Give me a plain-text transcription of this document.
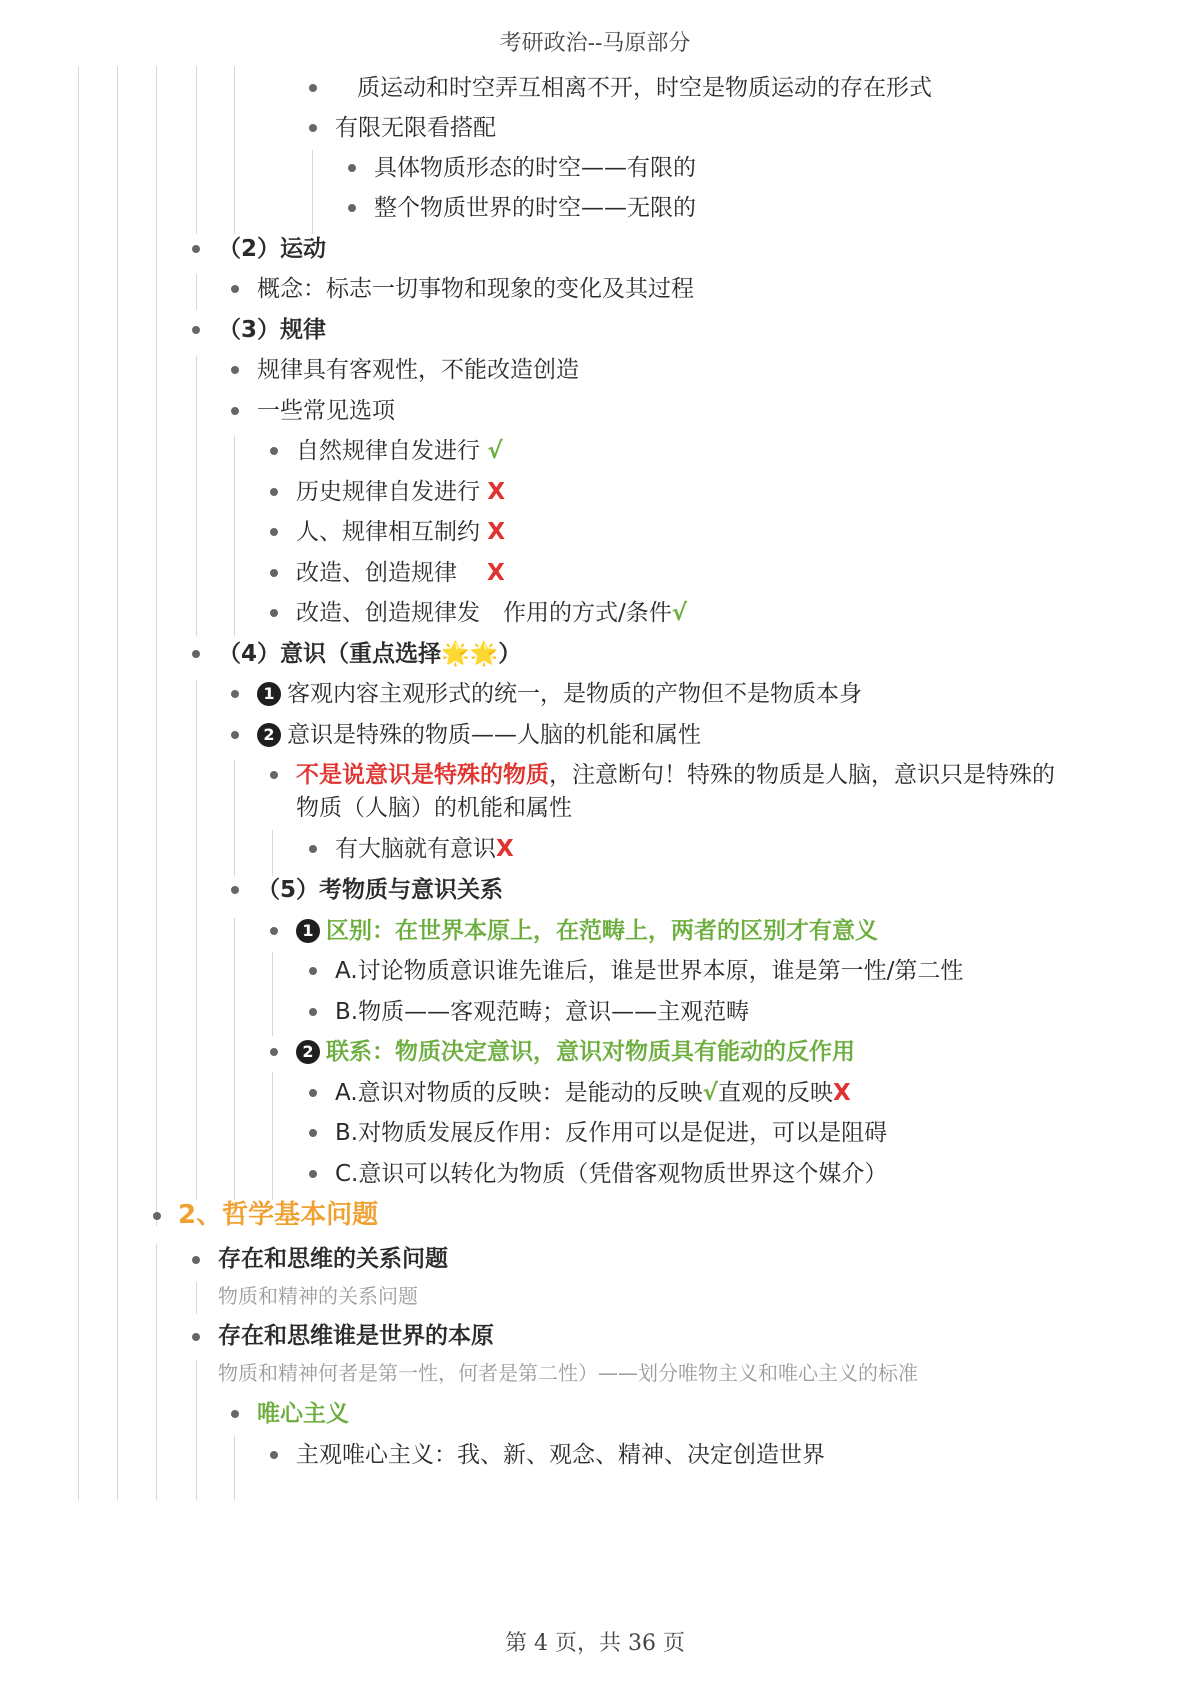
考研政治--马原部分
质运动和时空弄互相离不开，时空是物质运动的存在形式
有限无限看搭配
具体物质形态的时空——有限的
整个物质世界的时空——无限的
（2）运动
概念：标志一切事物和现象的变化及其过程
（3）规律
规律具有客观性，不能改造创造
一些常见选项
自然规律自发进行 √
历史规律自发进行 X
人、规律相互制约 X
改造、创造规律 X
改造、创造规律发　作用的方式/条件√
（4）意识（重点选择🌟🌟）
1 客观内容主观形式的统一，是物质的产物但不是物质本身
2 意识是特殊的物质——人脑的机能和属性
不是说意识是特殊的物质，注意断句！特殊的物质是人脑，意识只是特殊的
物质（人脑）的机能和属性
有大脑就有意识X
（5）考物质与意识关系
1 区别：在世界本原上，在范畴上，两者的区别才有意义
A.讨论物质意识谁先谁后，谁是世界本原，谁是第一性/第二性
B.物质——客观范畴；意识——主观范畴
2 联系：物质决定意识，意识对物质具有能动的反作用
A.意识对物质的反映：是能动的反映√直观的反映X
B.对物质发展反作用：反作用可以是促进，可以是阻碍
C.意识可以转化为物质（凭借客观物质世界这个媒介）
2、哲学基本问题
存在和思维的关系问题
物质和精神的关系问题
存在和思维谁是世界的本原
物质和精神何者是第一性，何者是第二性）——划分唯物主义和唯心主义的标准
唯心主义
主观唯心主义：我、新、观念、精神、决定创造世界
第 4 页，共 36 页
